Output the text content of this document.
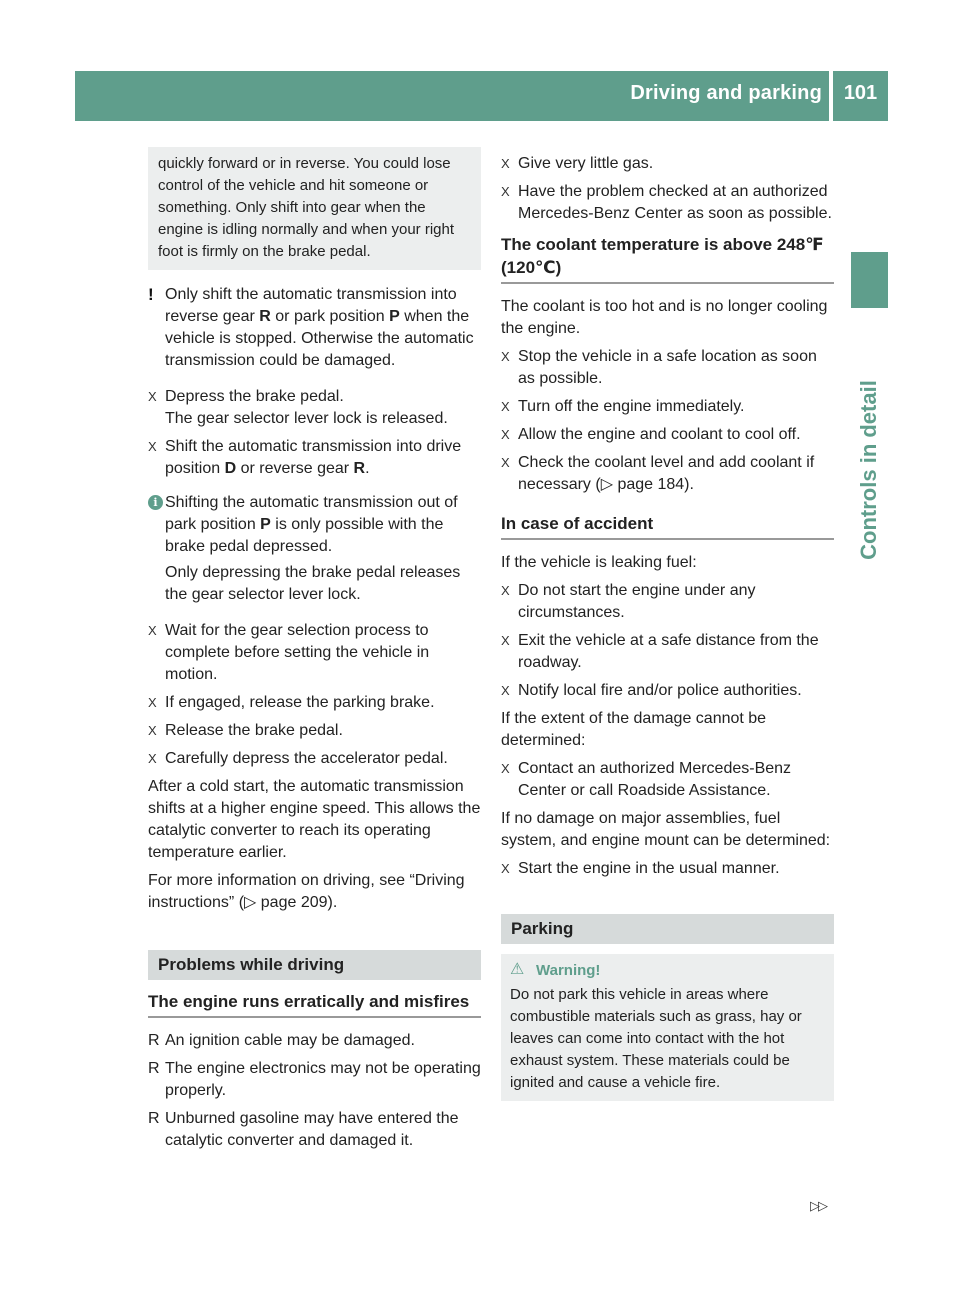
Driving and parking	101
Controls in detail

quickly forward or in reverse. You could lose control of the vehicle and hit someone or something. Only shift into gear when the engine is idling normally and when your right foot is firmly on the brake pedal.

! Only shift the automatic transmission into reverse gear R or park position P when the vehicle is stopped. Otherwise the automatic transmission could be damaged.
X Depress the brake pedal.

The gear selector lever lock is released.

X Shift the automatic transmission into drive position D or reverse gear R.
i Shifting the automatic transmission out of park position P is only possible with the brake pedal depressed.

Only depressing the brake pedal releases the gear selector lever lock.

X Wait for the gear selection process to complete before setting the vehicle in motion.

X If engaged, release the parking brake.

X Release the brake pedal.

X Carefully depress the accelerator pedal.

After a cold start, the automatic transmission shifts at a higher engine speed. This allows the catalytic converter to reach its operating temperature earlier.

For more information on driving, see “Driving instructions” (▷ page 209).

Problems while driving
The engine runs erratically and misfires
R An ignition cable may be damaged.

R The engine electronics may not be operating properly.

R Unburned gasoline may have entered the catalytic converter and damaged it.

X Give very little gas.

X Have the problem checked at an authorized Mercedes-Benz Center as soon as possible.

The coolant temperature is above 248℉ (120℃)

The coolant is too hot and is no longer cooling the engine.

X Stop the vehicle in a safe location as soon as possible.

X Turn off the engine immediately.

X Allow the engine and coolant to cool off.

X Check the coolant level and add coolant if necessary (▷ page 184).

In case of accident

If the vehicle is leaking fuel:

X Do not start the engine under any circumstances.

X Exit the vehicle at a safe distance from the roadway.

X Notify local fire and/or police authorities.

If the extent of the damage cannot be determined:

X Contact an authorized Mercedes-Benz Center or call Roadside Assistance.

If no damage on major assemblies, fuel system, and engine mount can be determined:

X Start the engine in the usual manner.

Parking
⚠ Warning!

Do not park this vehicle in areas where combustible materials such as grass, hay or leaves can come into contact with the hot exhaust system. These materials could be ignited and cause a vehicle fire.

▷▷
